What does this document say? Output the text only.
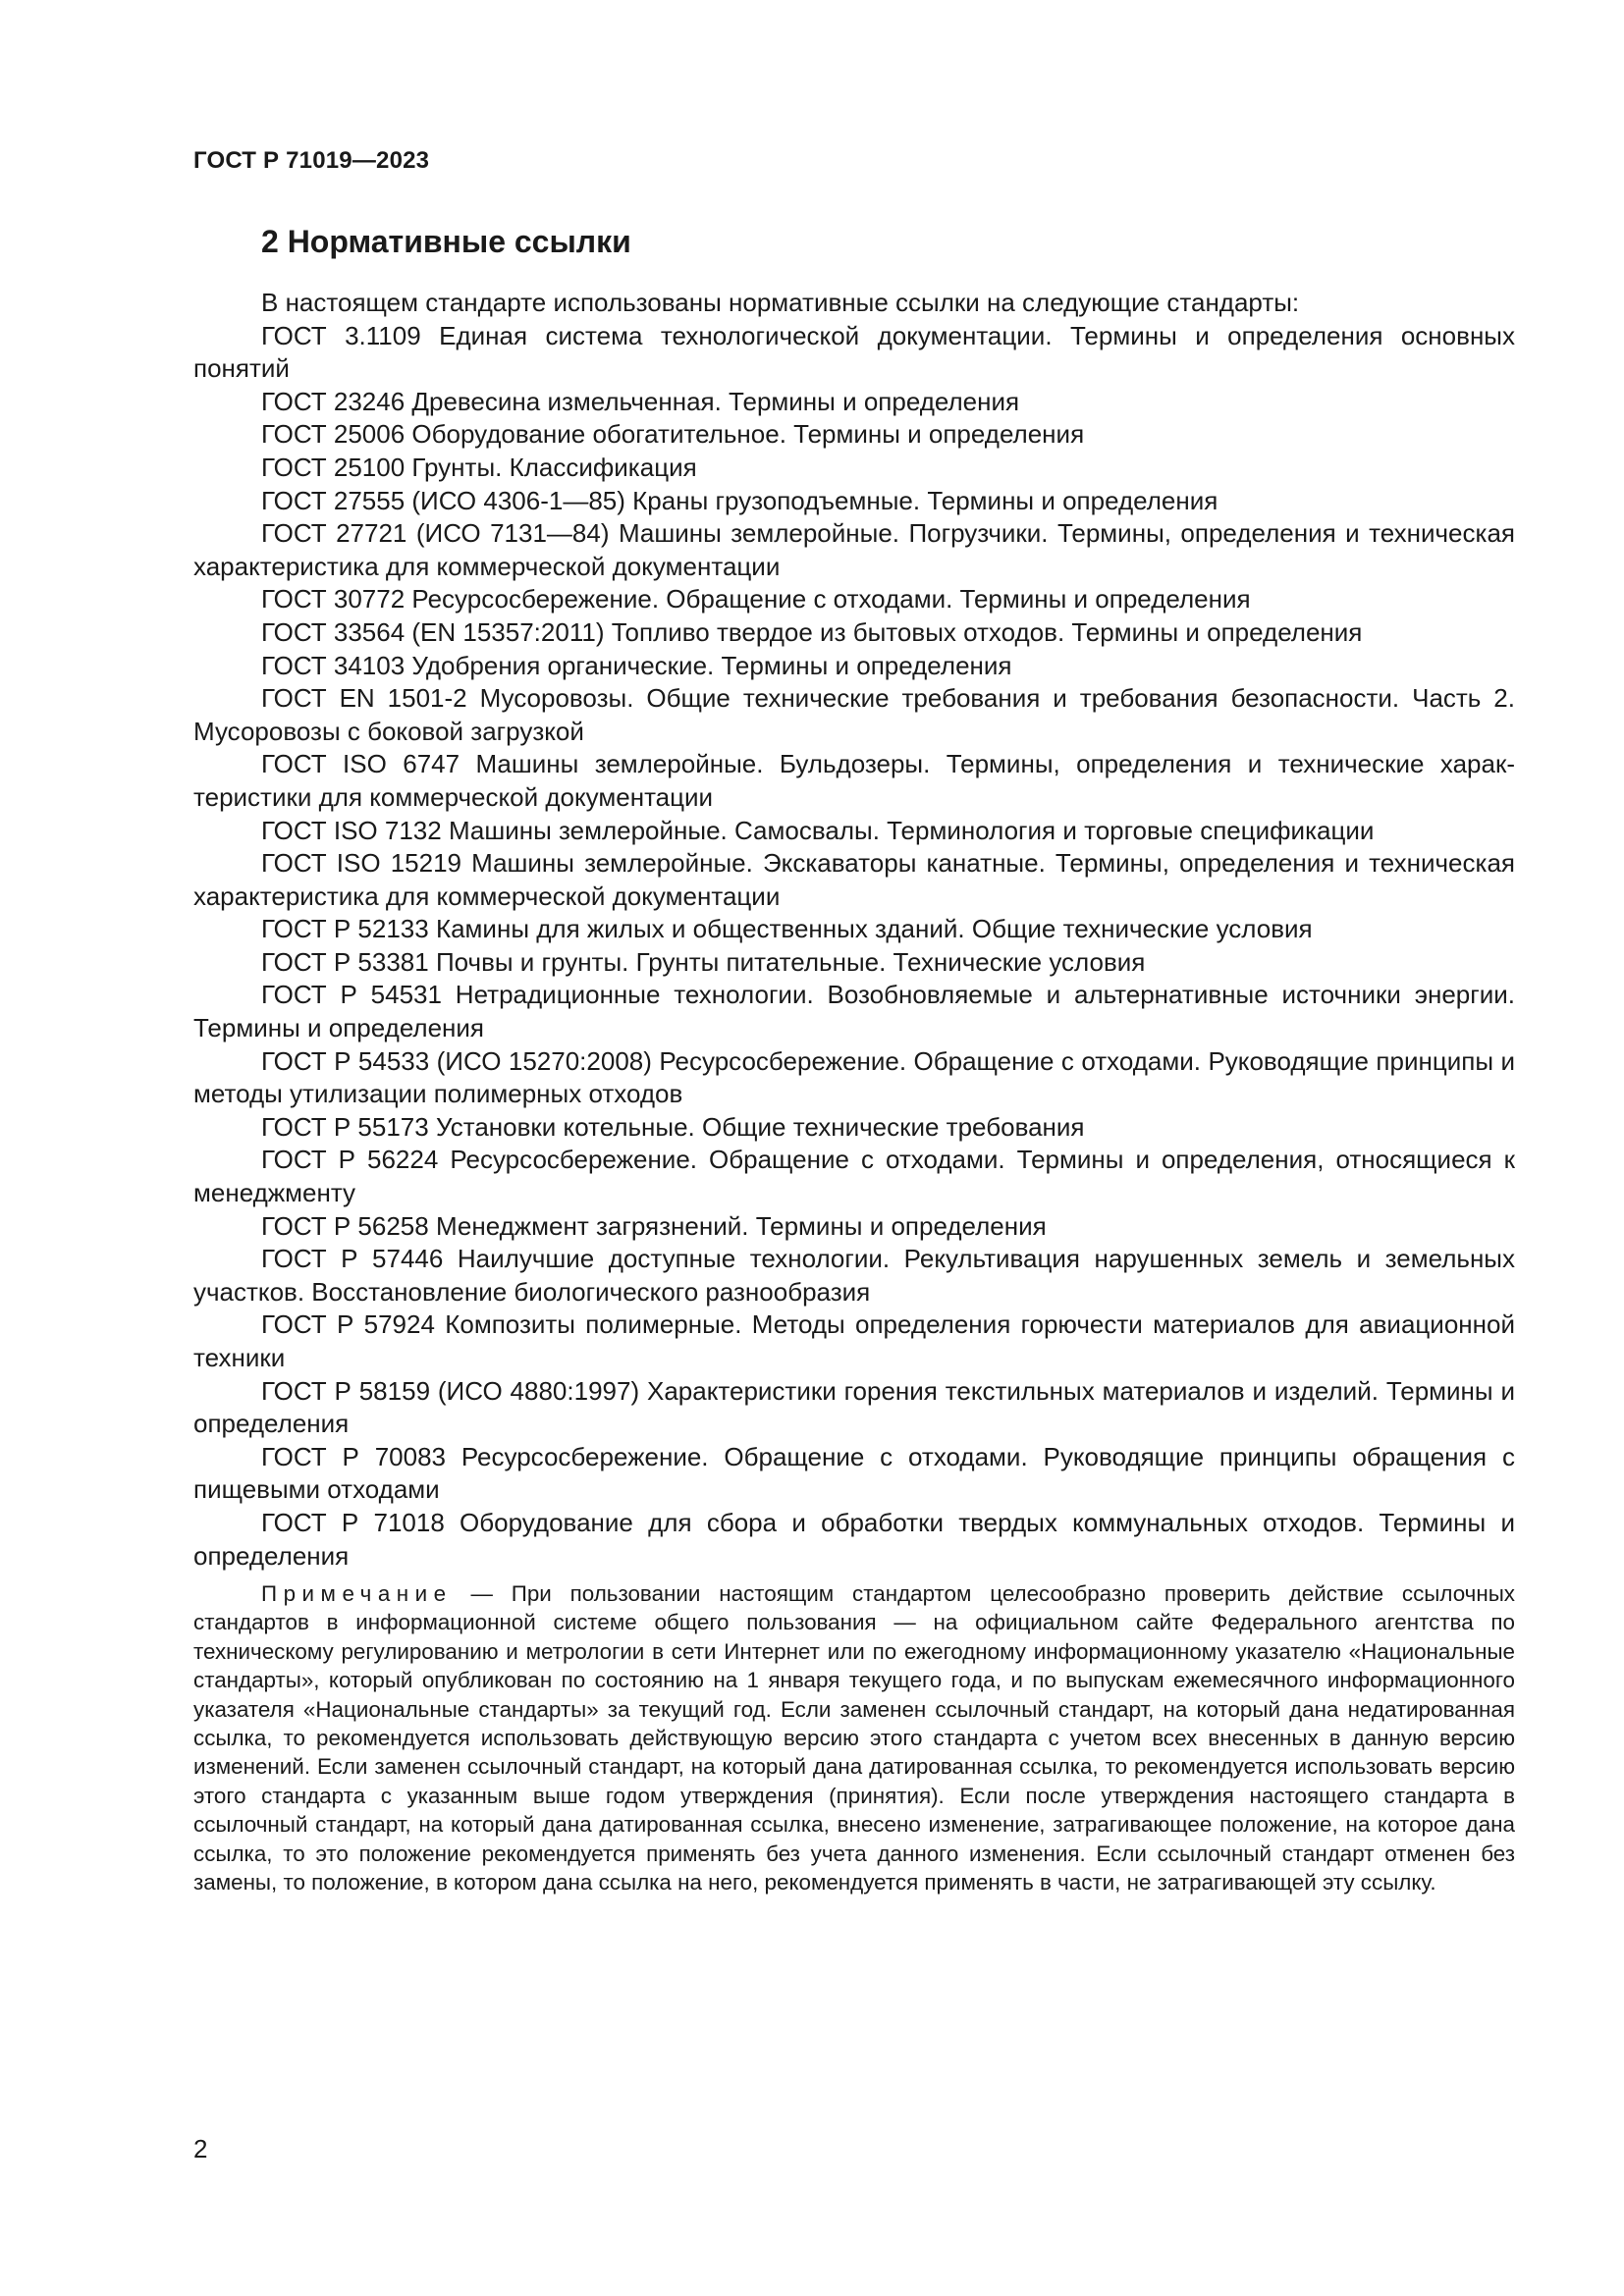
ГОСТ Р 71019—2023
2 Нормативные ссылки

В настоящем стандарте использованы нормативные ссылки на следующие стандарты:

ГОСТ 3.1109 Единая система технологической документации. Термины и определения основных понятий

ГОСТ 23246 Древесина измельченная. Термины и определения

ГОСТ 25006 Оборудование обогатительное. Термины и определения

ГОСТ 25100 Грунты. Классификация

ГОСТ 27555 (ИСО 4306-1—85) Краны грузоподъемные. Термины и определения

ГОСТ 27721 (ИСО 7131—84) Машины землеройные. Погрузчики. Термины, определения и техническая характеристика для коммерческой документации

ГОСТ 30772 Ресурсосбережение. Обращение с отходами. Термины и определения

ГОСТ 33564 (EN 15357:2011) Топливо твердое из бытовых отходов. Термины и определения

ГОСТ 34103 Удобрения органические. Термины и определения

ГОСТ EN 1501-2 Мусоровозы. Общие технические требования и требования безопасности. Часть 2. Мусоровозы с боковой загрузкой

ГОСТ ISO 6747 Машины землеройные. Бульдозеры. Термины, определения и технические характеристики для коммерческой документации

ГОСТ ISO 7132 Машины землеройные. Самосвалы. Терминология и торговые спецификации

ГОСТ ISO 15219 Машины землеройные. Экскаваторы канатные. Термины, определения и техническая характеристика для коммерческой документации

ГОСТ Р 52133 Камины для жилых и общественных зданий. Общие технические условия

ГОСТ Р 53381 Почвы и грунты. Грунты питательные. Технические условия

ГОСТ Р 54531 Нетрадиционные технологии. Возобновляемые и альтернативные источники энергии. Термины и определения

ГОСТ Р 54533 (ИСО 15270:2008) Ресурсосбережение. Обращение с отходами. Руководящие принципы и методы утилизации полимерных отходов

ГОСТ Р 55173 Установки котельные. Общие технические требования

ГОСТ Р 56224 Ресурсосбережение. Обращение с отходами. Термины и определения, относящиеся к менеджменту

ГОСТ Р 56258 Менеджмент загрязнений. Термины и определения

ГОСТ Р 57446 Наилучшие доступные технологии. Рекультивация нарушенных земель и земельных участков. Восстановление биологического разнообразия

ГОСТ Р 57924 Композиты полимерные. Методы определения горючести материалов для авиационной техники

ГОСТ Р 58159 (ИСО 4880:1997) Характеристики горения текстильных материалов и изделий. Термины и определения

ГОСТ Р 70083 Ресурсосбережение. Обращение с отходами. Руководящие принципы обращения с пищевыми отходами

ГОСТ Р 71018 Оборудование для сбора и обработки твердых коммунальных отходов. Термины и определения

Примечание — При пользовании настоящим стандартом целесообразно проверить действие ссылочных стандартов в информационной системе общего пользования — на официальном сайте Федерального агентства по техническому регулированию и метрологии в сети Интернет или по ежегодному информационному указателю «Национальные стандарты», который опубликован по состоянию на 1 января текущего года, и по выпускам ежемесячного информационного указателя «Национальные стандарты» за текущий год. Если заменен ссылочный стандарт, на который дана недатированная ссылка, то рекомендуется использовать действующую версию этого стандарта с учетом всех внесенных в данную версию изменений. Если заменен ссылочный стандарт, на который дана датированная ссылка, то рекомендуется использовать версию этого стандарта с указанным выше годом утверждения (принятия). Если после утверждения настоящего стандарта в ссылочный стандарт, на который дана датированная ссылка, внесено изменение, затрагивающее положение, на которое дана ссылка, то это положение рекомендуется применять без учета данного изменения. Если ссылочный стандарт отменен без замены, то положение, в котором дана ссылка на него, рекомендуется применять в части, не затрагивающей эту ссылку.

2
